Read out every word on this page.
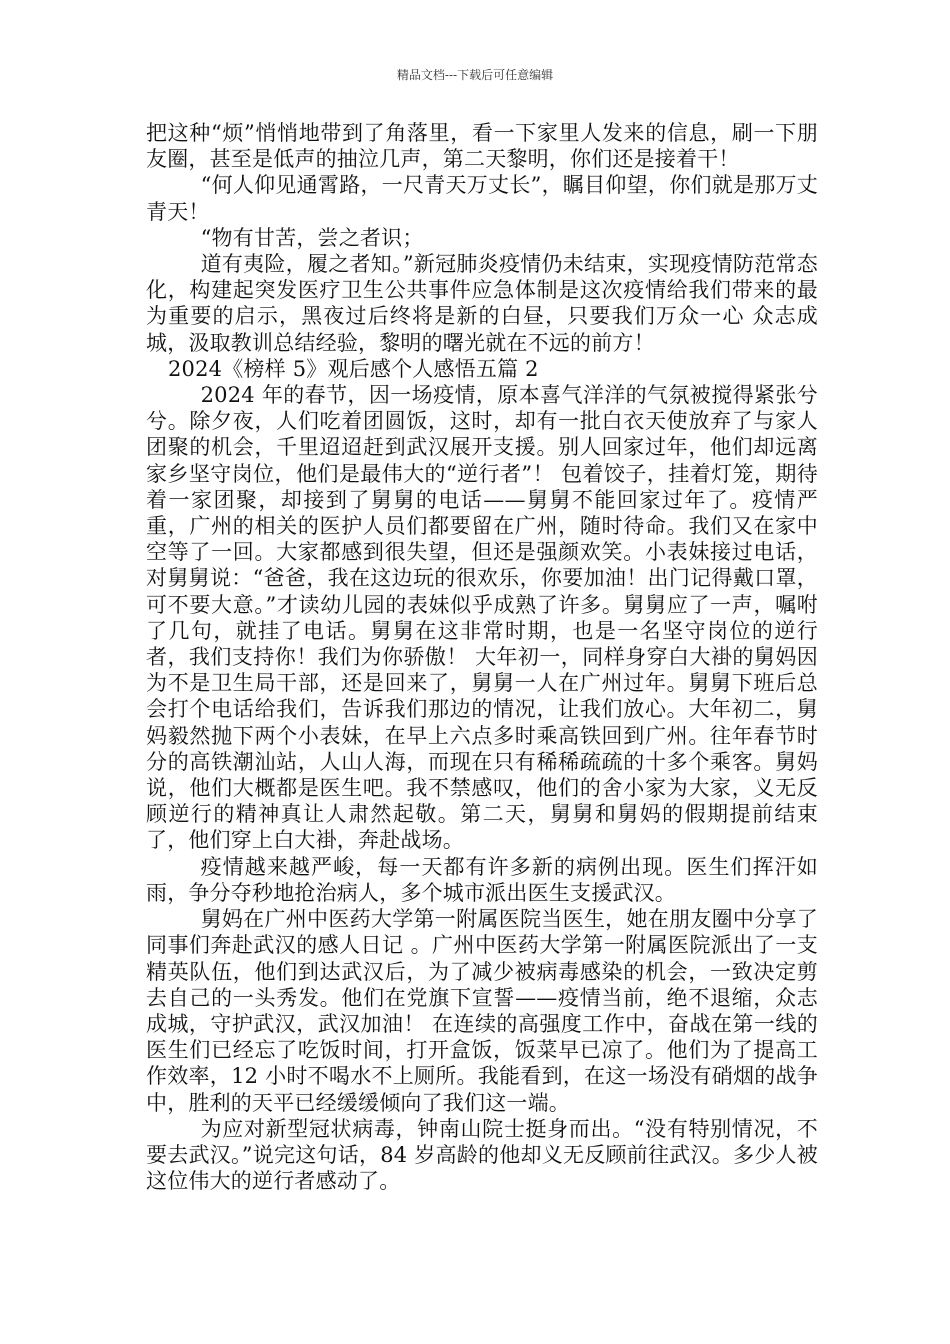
精品文档---下载后可任意编辑

把这种“烦”悄悄地带到了角落里，看一下家里人发来的信息，刷一下朋友圈，甚至是低声的抽泣几声，第二天黎明，你们还是接着干！

“何人仰见通霄路，一尺青天万丈长”，瞩目仰望，你们就是那万丈青天！

“物有甘苦，尝之者识；

道有夷险，履之者知。”新冠肺炎疫情仍未结束，实现疫情防范常态化，构建起突发医疗卫生公共事件应急体制是这次疫情给我们带来的最为重要的启示，黑夜过后终将是新的白昼，只要我们万众一心 众志成城，汲取教训总结经验，黎明的曙光就在不远的前方！

2024《榜样 5》观后感个人感悟五篇 2

2024 年的春节，因一场疫情，原本喜气洋洋的气氛被搅得紧张兮兮。除夕夜，人们吃着团圆饭，这时，却有一批白衣天使放弃了与家人团聚的机会，千里迢迢赶到武汉展开支援。别人回家过年，他们却远离家乡坚守岗位，他们是最伟大的“逆行者”！ 包着饺子，挂着灯笼，期待着一家团聚，却接到了舅舅的电话——舅舅不能回家过年了。疫情严重，广州的相关的医护人员们都要留在广州，随时待命。我们又在家中空等了一回。大家都感到很失望，但还是强颜欢笑。小表妹接过电话，对舅舅说：“爸爸，我在这边玩的很欢乐，你要加油！出门记得戴口罩，可不要大意。”才读幼儿园的表妹似乎成熟了许多。舅舅应了一声，嘱咐了几句，就挂了电话。舅舅在这非常时期，也是一名坚守岗位的逆行者，我们支持你！我们为你骄傲！ 大年初一，同样身穿白大褂的舅妈因为不是卫生局干部，还是回来了，舅舅一人在广州过年。舅舅下班后总会打个电话给我们，告诉我们那边的情况，让我们放心。大年初二，舅妈毅然抛下两个小表妹，在早上六点多时乘高铁回到广州。往年春节时分的高铁潮汕站，人山人海，而现在只有稀稀疏疏的十多个乘客。舅妈说，他们大概都是医生吧。我不禁感叹，他们的舍小家为大家，义无反顾逆行的精神真让人肃然起敬。第二天，舅舅和舅妈的假期提前结束了，他们穿上白大褂，奔赴战场。

疫情越来越严峻，每一天都有许多新的病例出现。医生们挥汗如雨，争分夺秒地抢治病人，多个城市派出医生支援武汉。

舅妈在广州中医药大学第一附属医院当医生，她在朋友圈中分享了同事们奔赴武汉的感人日记 。广州中医药大学第一附属医院派出了一支精英队伍，他们到达武汉后，为了减少被病毒感染的机会，一致决定剪去自己的一头秀发。他们在党旗下宣誓——疫情当前，绝不退缩，众志成城，守护武汉，武汉加油！ 在连续的高强度工作中，奋战在第一线的医生们已经忘了吃饭时间，打开盒饭，饭菜早已凉了。他们为了提高工作效率，12 小时不喝水不上厕所。我能看到，在这一场没有硝烟的战争中，胜利的天平已经缓缓倾向了我们这一端。

为应对新型冠状病毒，钟南山院士挺身而出。“没有特别情况，不要去武汉。”说完这句话，84 岁高龄的他却义无反顾前往武汉。多少人被这位伟大的逆行者感动了。
